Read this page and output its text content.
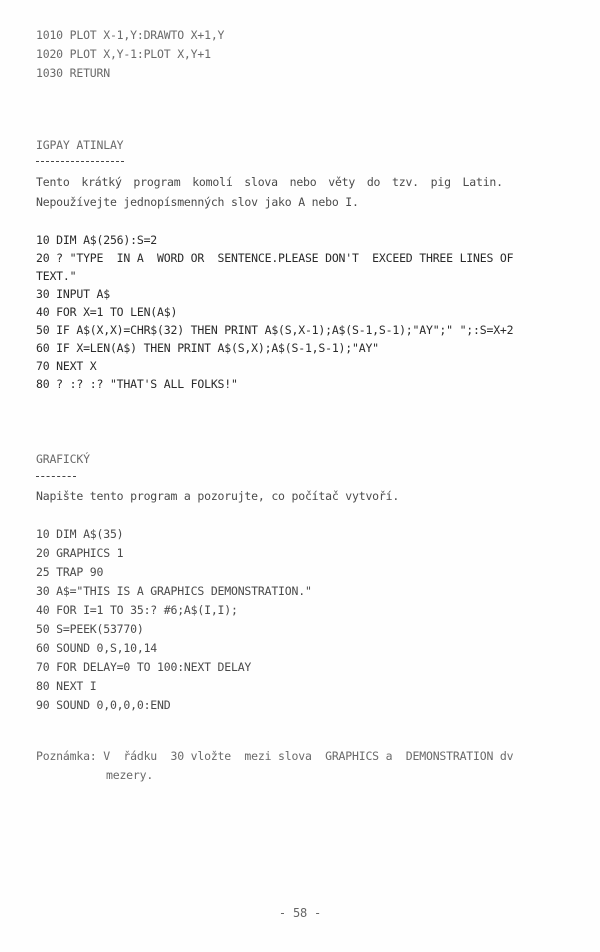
1010 PLOT X-1,Y:DRAWTO X+1,Y
1020 PLOT X,Y-1:PLOT X,Y+1
1030 RETURN
IGPAY ATINLAY
Tento krátký program komolí slova nebo věty do tzv. pig Latin.
Nepoužívejte jednopísmenných slov jako A nebo I.
10 DIM A$(256):S=2
20 ? "TYPE  IN A  WORD OR  SENTENCE.PLEASE DON'T  EXCEED THREE LINES OF
TEXT."
30 INPUT A$
40 FOR X=1 TO LEN(A$)
50 IF A$(X,X)=CHR$(32) THEN PRINT A$(S,X-1);A$(S-1,S-1);"AY";" ";:S=X+2
60 IF X=LEN(A$) THEN PRINT A$(S,X);A$(S-1,S-1);"AY"
70 NEXT X
80 ? :? :? "THAT'S ALL FOLKS!"
GRAFICKÝ
Napište tento program a pozorujte, co počítač vytvoří.
10 DIM A$(35)
20 GRAPHICS 1
25 TRAP 90
30 A$="THIS IS A GRAPHICS DEMONSTRATION."
40 FOR I=1 TO 35:? #6;A$(I,I);
50 S=PEEK(53770)
60 SOUND 0,S,10,14
70 FOR DELAY=0 TO 100:NEXT DELAY
80 NEXT I
90 SOUND 0,0,0,0:END
Poznámka: V  řádku  30 vložte  mezi slova  GRAPHICS a  DEMONSTRATION dv
mezery.
- 58 -
